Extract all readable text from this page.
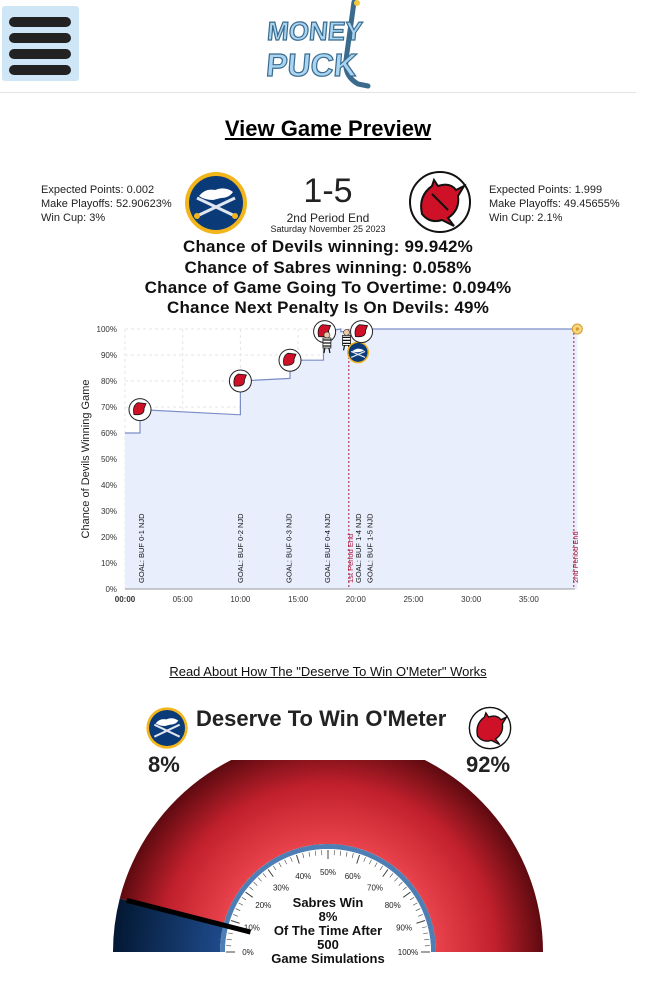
MONEY
PUCK
View Game Preview
Expected Points: 0.002
Make Playoffs: 52.90623%
Win Cup: 3%
1-5
2nd Period End
Saturday November 25 2023
Expected Points: 1.999
Make Playoffs: 49.45655%
Win Cup: 2.1%
Chance of Devils winning: 99.942%
Chance of Sabres winning: 0.058%
Chance of Game Going To Overtime: 0.094%
Chance Next Penalty Is On Devils: 49%
0%
10%
20%
30%
40%
50%
60%
70%
80%
90%
100%
00:00	05:00	10:00	15:00	20:00	25:00	30:00	35:00
GOAL: BUF 0-1 NJD	GOAL: BUF 0-2 NJD	GOAL: BUF 0-3 NJD	GOAL: BUF 0-4 NJD 1st Period End GOAL: BUF 1-4 NJD GOAL: BUF 1-5 NJD	2nd Period End
Chance of Devils Winning Game
Read About How The "Deserve To Win O'Meter" Works
Deserve To Win O'Meter
8%	92%
0%
10%
20%
30%
40% 50% 60%
70%
80%
90%
100%
Sabres Win
8%
Of The Time After
500
Game Simulations
